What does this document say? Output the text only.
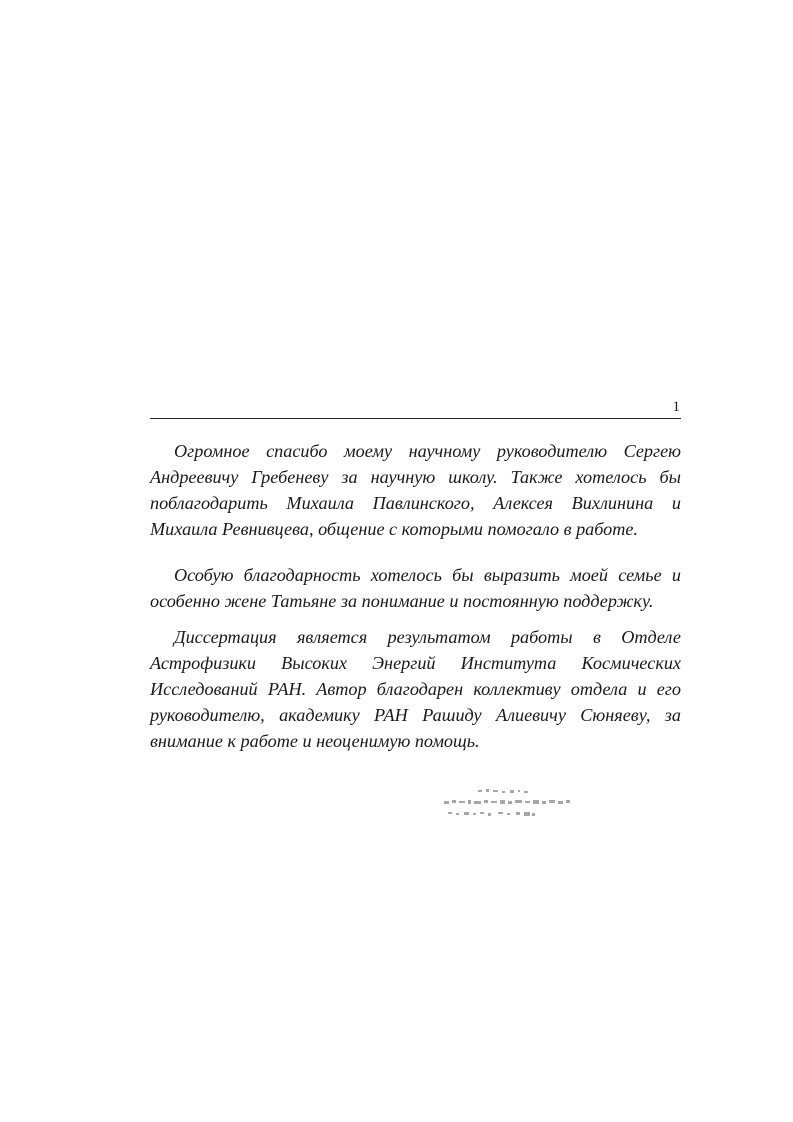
1

Огромное спасибо моему научному руководителю Сергею Андреевичу Гребеневу за научную школу. Также хотелось бы поблагодарить Михаила Павлинского, Алексея Вихлинина и Михаила Ревнивцева, общение с которыми помогало в работе.

Особую благодарность хотелось бы выразить моей семье и особенно жене Татьяне за понимание и постоянную поддержку.

Диссертация является результатом работы в Отделе Астрофизики Высоких Энергий Института Космических Исследований РАН. Автор благодарен коллективу отдела и его руководителю, академику РАН Рашиду Алиевичу Сюняеву, за внимание к работе и неоценимую помощь.
